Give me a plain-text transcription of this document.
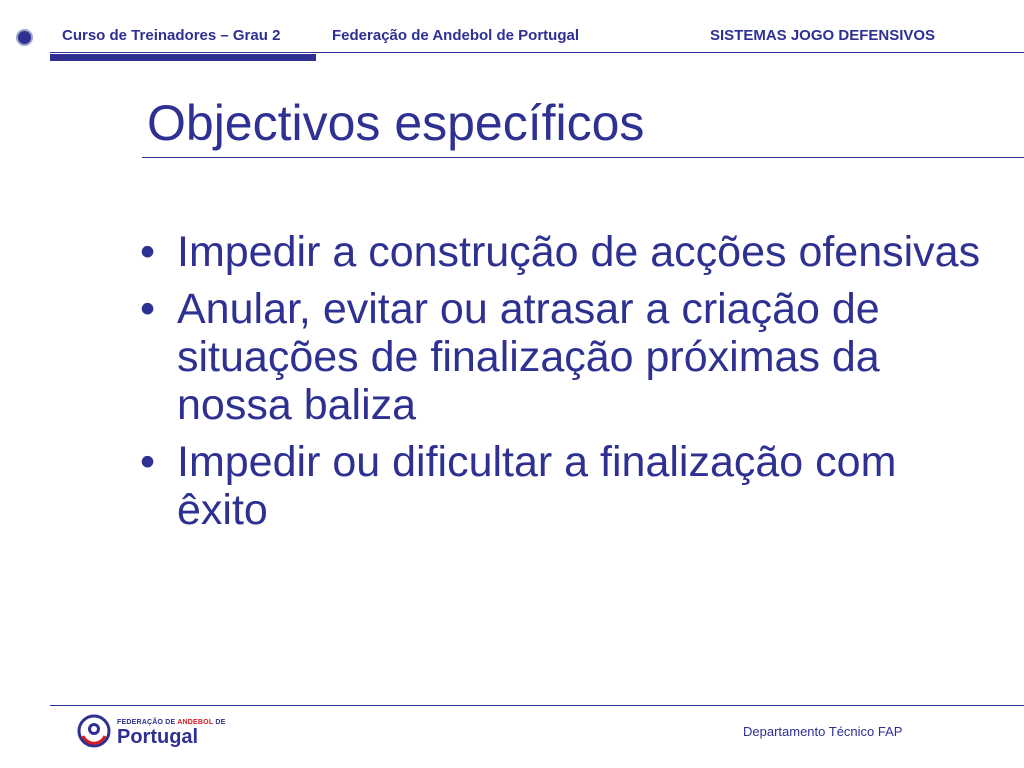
Curso de Treinadores – Grau 2	Federação de Andebol de Portugal	SISTEMAS JOGO DEFENSIVOS
Objectivos específicos
• Impedir a construção de acções ofensivas
• Anular, evitar ou atrasar a criação de situações de finalização próximas da nossa baliza
• Impedir ou dificultar a finalização com êxito
FEDERAÇÃO DE ANDEBOL DE
Portugal	Departamento Técnico FAP
